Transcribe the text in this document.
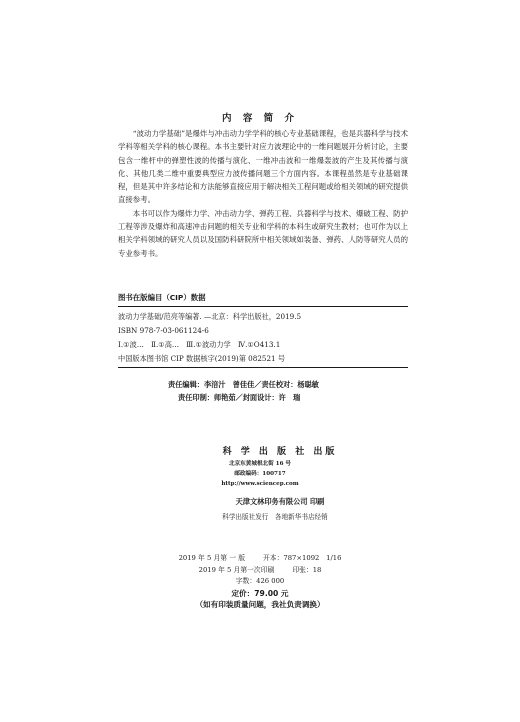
内 容 简 介

“波动力学基础”是爆炸与冲击动力学学科的核心专业基础课程，也是兵器科学与技术学科等相关学科的核心课程。本书主要针对应力波理论中的一维问题展开分析讨论，主要包含一维杆中的弹塑性波的传播与演化、一维冲击波和一维爆轰波的产生及其传播与演化、其他几类二维中重要典型应力波传播问题三个方面内容。本课程虽然是专业基础课程，但是其中许多结论和方法能够直接应用于解决相关工程问题或给相关领域的研究提供直接参考。

本书可以作为爆炸力学、冲击动力学、弹药工程、兵器科学与技术、爆破工程、防护工程等涉及爆炸和高速冲击问题的相关专业和学科的本科生或研究生教材；也可作为以上相关学科领域的研究人员以及国防科研院所中相关领域如装备、弹药、人防等研究人员的专业参考书。

图书在版编目（CIP）数据
波动力学基础/范亮等编著. —北京：科学出版社，2019.5
ISBN 978-7-03-061124-6
Ⅰ.①波…　Ⅱ.①高…　Ⅲ.①波动力学　Ⅳ.①O413.1
中国版本图书馆 CIP 数据核字(2019)第 082521 号
责任编辑：李涪汁　曾佳佳／责任校对：杨聪敏
责任印制：师艳茹／封面设计：许　瑞
科 学 出 版 社 出版
北京东黄城根北街 16 号
邮政编码：100717
http://www.sciencep.com
天津文林印务有限公司 印刷
科学出版社发行　各地新华书店经销
2019 年 5 月第 一 版	开本：787×1092　1/16
2019 年 5 月第一次印刷	印张：18
字数：426 000
定价：79.00 元
（如有印装质量问题，我社负责调换）
